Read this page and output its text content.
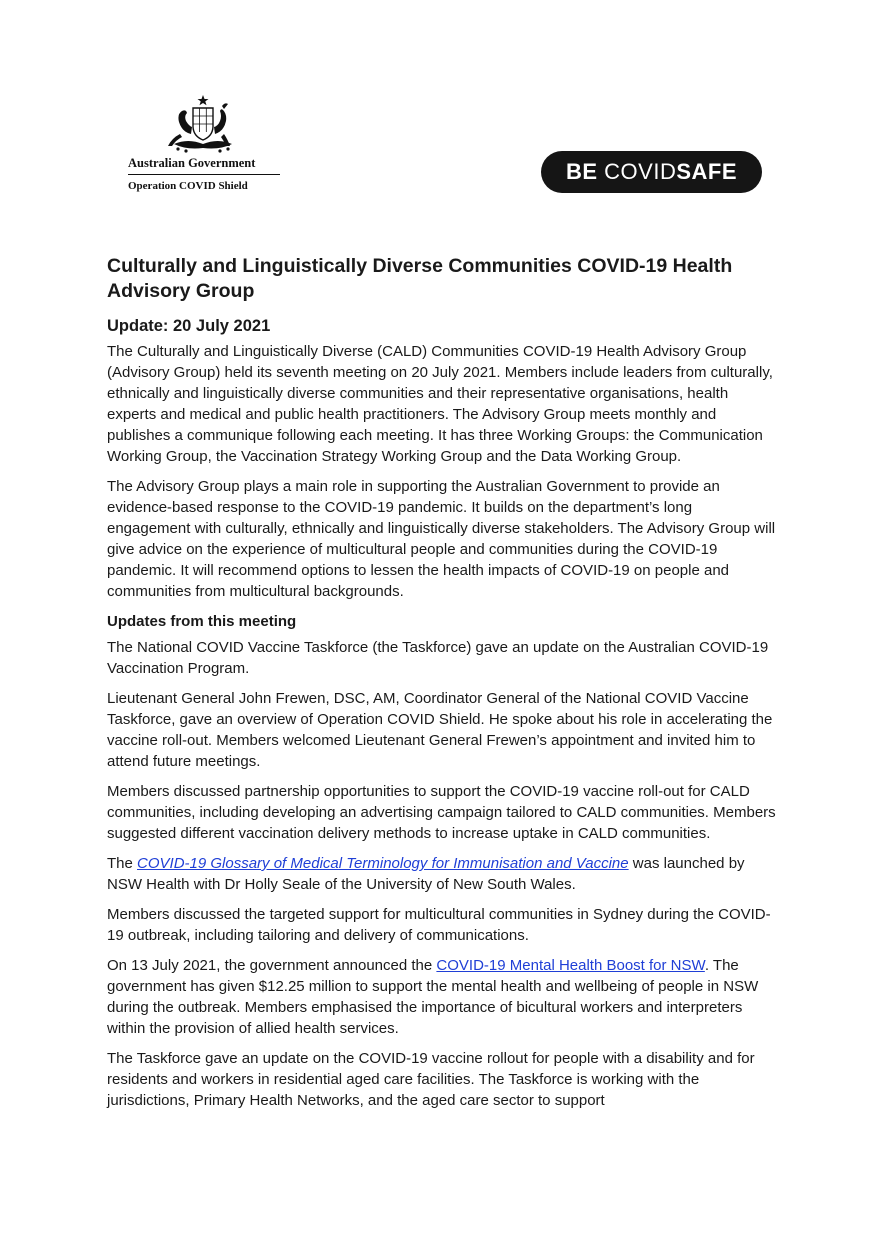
Australian Government
Operation COVID Shield
BE COVIDSAFE
Culturally and Linguistically Diverse Communities COVID-19 Health Advisory Group
Update: 20 July 2021

The Culturally and Linguistically Diverse (CALD) Communities COVID-19 Health Advisory Group (Advisory Group) held its seventh meeting on 20 July 2021. Members include leaders from culturally, ethnically and linguistically diverse communities and their representative organisations, health experts and medical and public health practitioners. The Advisory Group meets monthly and publishes a communique following each meeting. It has three Working Groups: the Communication Working Group, the Vaccination Strategy Working Group and the Data Working Group.

The Advisory Group plays a main role in supporting the Australian Government to provide an evidence-based response to the COVID-19 pandemic. It builds on the department’s long engagement with culturally, ethnically and linguistically diverse stakeholders. The Advisory Group will give advice on the experience of multicultural people and communities during the COVID-19 pandemic. It will recommend options to lessen the health impacts of COVID-19 on people and communities from multicultural backgrounds.

Updates from this meeting

The National COVID Vaccine Taskforce (the Taskforce) gave an update on the Australian COVID-19 Vaccination Program.

Lieutenant General John Frewen, DSC, AM, Coordinator General of the National COVID Vaccine Taskforce, gave an overview of Operation COVID Shield. He spoke about his role in accelerating the vaccine roll-out. Members welcomed Lieutenant General Frewen’s appointment and invited him to attend future meetings.

Members discussed partnership opportunities to support the COVID-19 vaccine roll-out for CALD communities, including developing an advertising campaign tailored to CALD communities. Members suggested different vaccination delivery methods to increase uptake in CALD communities.

The COVID-19 Glossary of Medical Terminology for Immunisation and Vaccine was launched by NSW Health with Dr Holly Seale of the University of New South Wales.

Members discussed the targeted support for multicultural communities in Sydney during the COVID-19 outbreak, including tailoring and delivery of communications.

On 13 July 2021, the government announced the COVID-19 Mental Health Boost for NSW. The government has given $12.25 million to support the mental health and wellbeing of people in NSW during the outbreak. Members emphasised the importance of bicultural workers and interpreters within the provision of allied health services.

The Taskforce gave an update on the COVID-19 vaccine rollout for people with a disability and for residents and workers in residential aged care facilities. The Taskforce is working with the jurisdictions, Primary Health Networks, and the aged care sector to support
